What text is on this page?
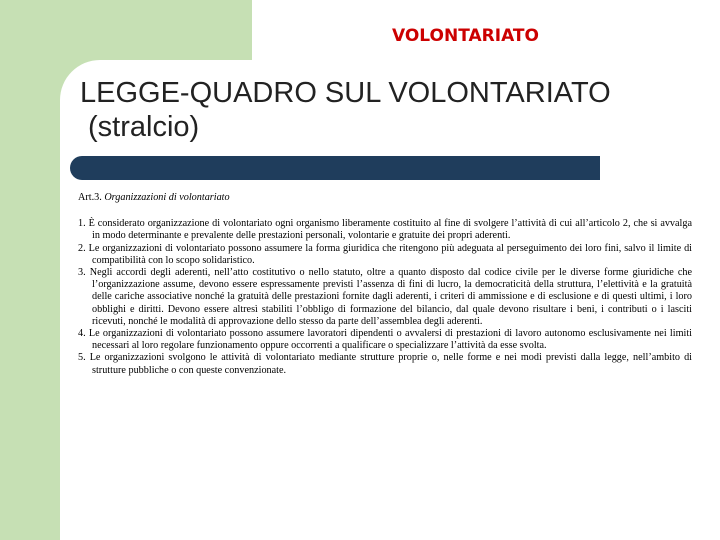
VOLONTARIATO
LEGGE-QUADRO SUL VOLONTARIATO
(stralcio)

Art.3. Organizzazioni di volontariato

1. È considerato organizzazione di volontariato ogni organismo liberamente costituito al fine di svolgere l’attività di cui all’articolo 2, che si avvalga in modo determinante e prevalente delle prestazioni personali, volontarie e gratuite dei propri aderenti.

2. Le organizzazioni di volontariato possono assumere la forma giuridica che ritengono più adeguata al perseguimento dei loro fini, salvo il limite di compatibilità con lo scopo solidaristico.

3. Negli accordi degli aderenti, nell’atto costitutivo o nello statuto, oltre a quanto disposto dal codice civile per le diverse forme giuridiche che l’organizzazione assume, devono essere espressamente previsti l’assenza di fini di lucro, la democraticità della struttura, l’elettività e la gratuità delle cariche associative nonché la gratuità delle prestazioni fornite dagli aderenti, i criteri di ammissione e di esclusione e di questi ultimi, i loro obblighi e diritti. Devono essere altresì stabiliti l’obbligo di formazione del bilancio, dal quale devono risultare i beni, i contributi o i lasciti ricevuti, nonché le modalità di approvazione dello stesso da parte dell’assemblea degli aderenti.

4. Le organizzazioni di volontariato possono assumere lavoratori dipendenti o avvalersi di prestazioni di lavoro autonomo esclusivamente nei limiti necessari al loro regolare funzionamento oppure occorrenti a qualificare o specializzare l’attività da esse svolta.

5. Le organizzazioni svolgono le attività di volontariato mediante strutture proprie o, nelle forme e nei modi previsti dalla legge, nell’ambito di strutture pubbliche o con queste convenzionate.
